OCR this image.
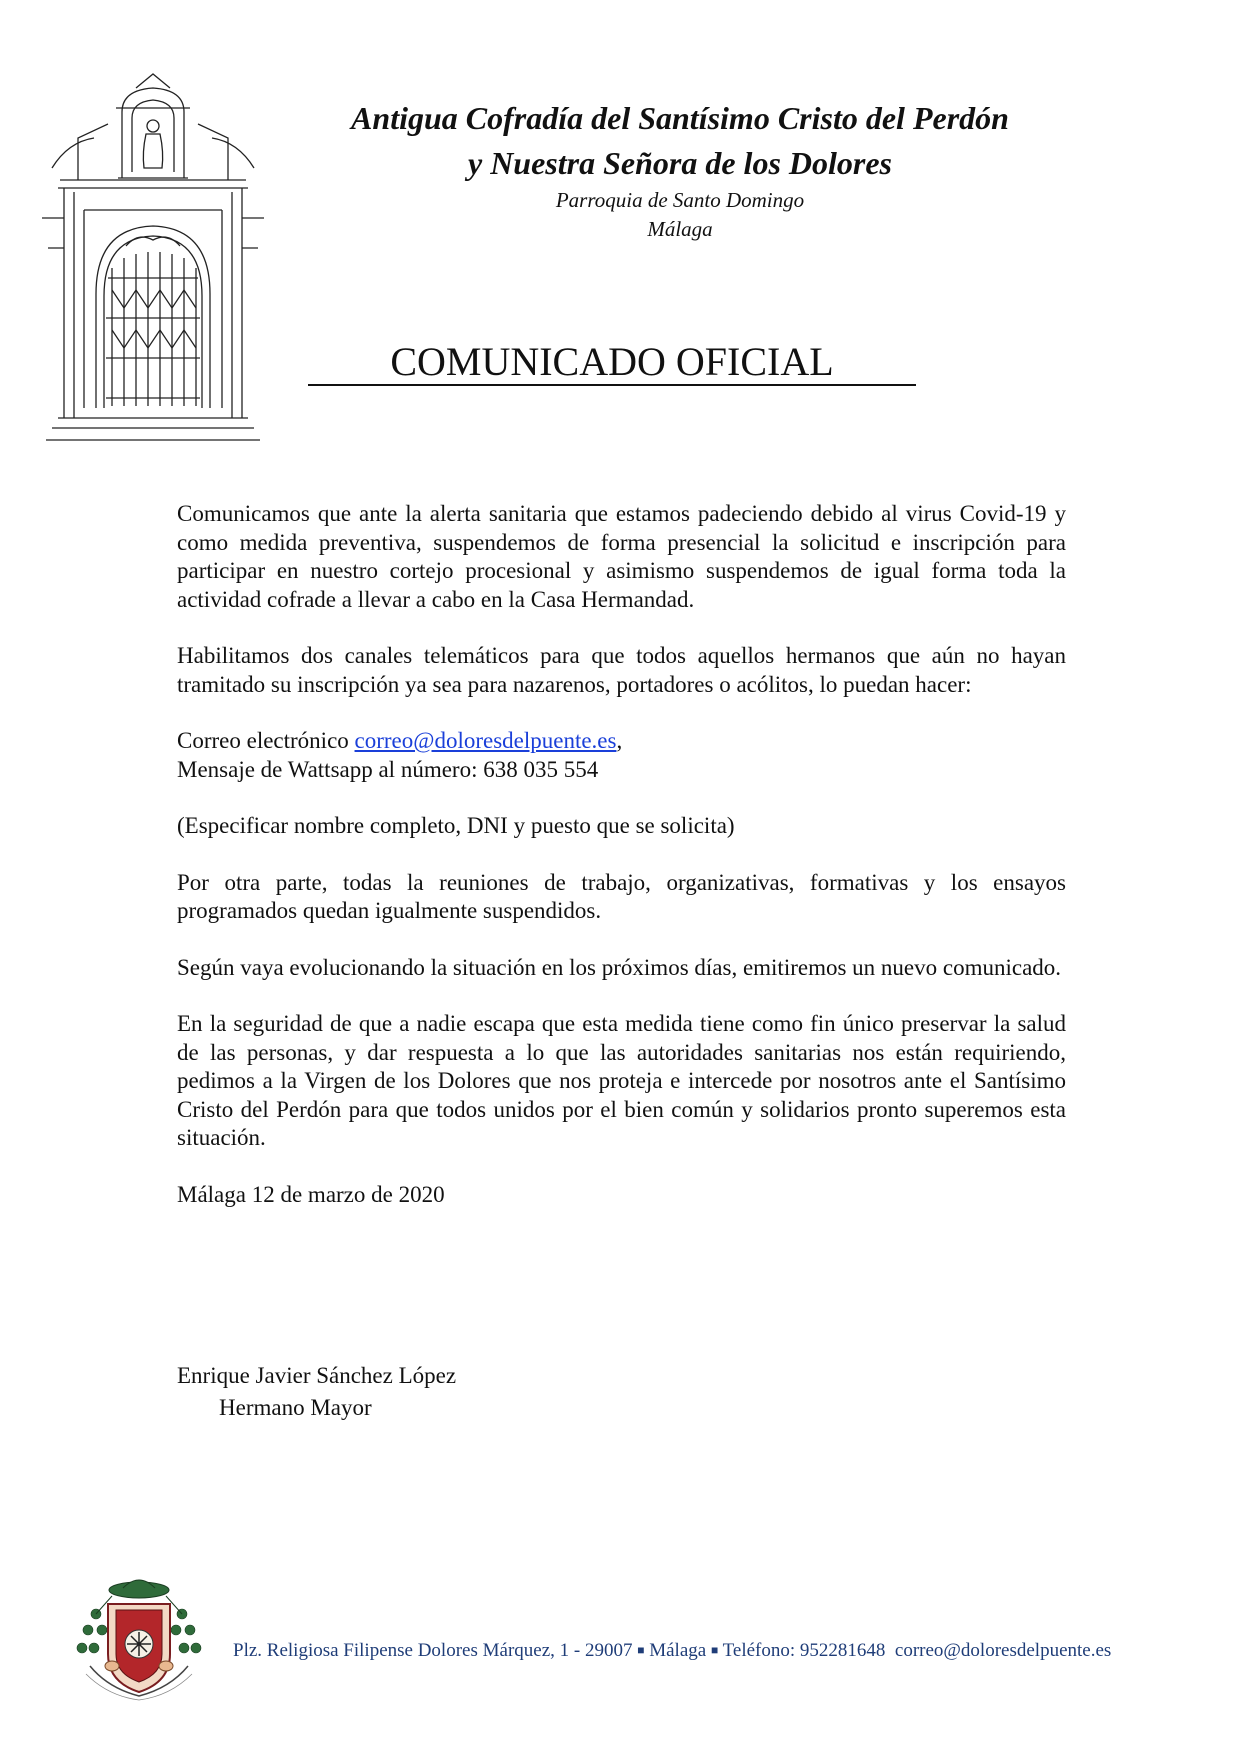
Antigua Cofradía del Santísimo Cristo del Perdón
y Nuestra Señora de los Dolores
Parroquia de Santo Domingo
Málaga
COMUNICADO OFICIAL

Comunicamos que ante la alerta sanitaria que estamos padeciendo debido al virus Covid-19 y como medida preventiva, suspendemos de forma presencial la solicitud e inscripción para participar en nuestro cortejo procesional y asimismo suspendemos de igual forma toda la actividad cofrade a llevar a cabo en la Casa Hermandad.

Habilitamos dos canales telemáticos para que todos aquellos hermanos que aún no hayan tramitado su inscripción ya sea para nazarenos, portadores o acólitos, lo puedan hacer:

Correo electrónico correo@doloresdelpuente.es,
Mensaje de Wattsapp al número: 638 035 554

(Especificar nombre completo, DNI y puesto que se solicita)

Por otra parte, todas la reuniones de trabajo, organizativas, formativas y los ensayos programados quedan igualmente suspendidos.

Según vaya evolucionando la situación en los próximos días, emitiremos un nuevo comunicado.

En la seguridad de que a nadie escapa que esta medida tiene como fin único preservar la salud de las personas, y dar respuesta a lo que las autoridades sanitarias nos están requiriendo, pedimos a la Virgen de los Dolores que nos proteja e intercede por nosotros ante el Santísimo Cristo del Perdón para que todos unidos por el bien común y solidarios pronto superemos esta situación.

Málaga 12 de marzo de 2020

Enrique Javier Sánchez López
Hermano Mayor
Plz. Religiosa Filipense Dolores Márquez, 1 - 29007 ■ Málaga ■ Teléfono: 952281648 correo@doloresdelpuente.es
